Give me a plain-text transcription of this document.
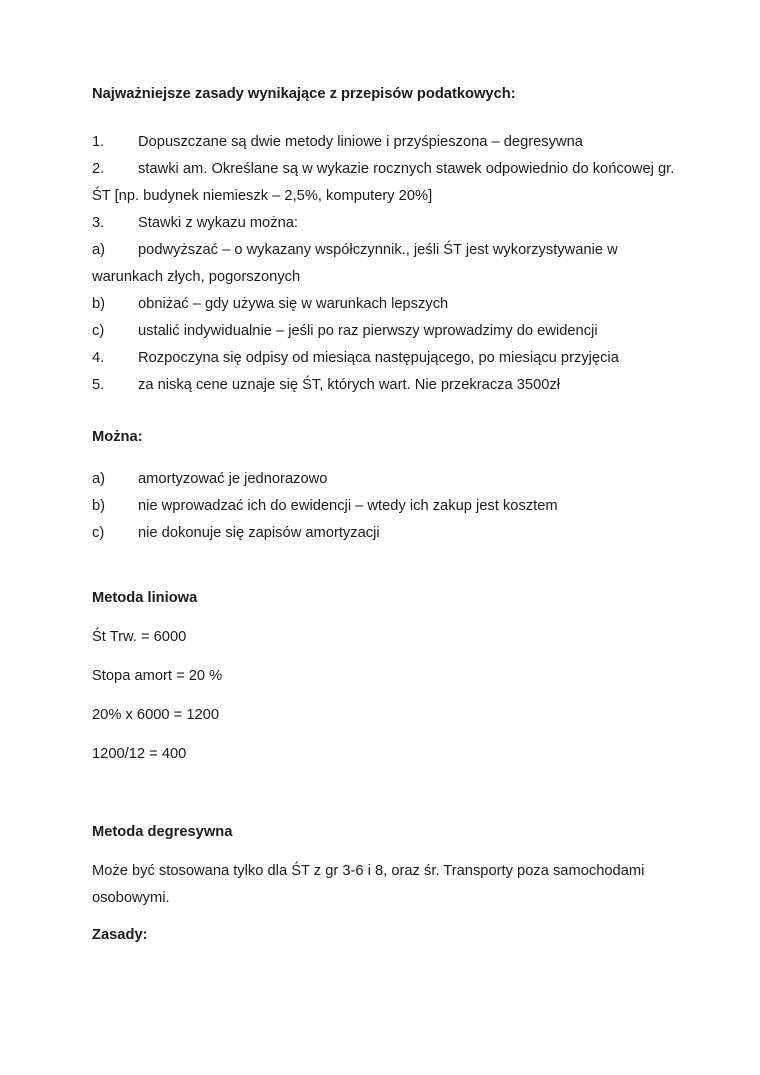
Najważniejsze zasady wynikające z przepisów podatkowych:
1. Dopuszczane są dwie metody liniowe i przyśpieszona – degresywna
2. stawki am. Określane są w wykazie rocznych stawek odpowiednio do końcowej gr. ŚT [np. budynek niemieszk – 2,5%, komputery 20%]
3. Stawki z wykazu można:
a) podwyższać – o wykazany współczynnik., jeśli ŚT jest wykorzystywanie w warunkach złych, pogorszonych
b) obniżać – gdy używa się w warunkach lepszych
c) ustalić indywidualnie – jeśli po raz pierwszy wprowadzimy do ewidencji
4. Rozpoczyna się odpisy od miesiąca następującego, po miesiącu przyjęcia
5. za niską cene uznaje się ŚT, których wart. Nie przekracza 3500zł
Można:
a) amortyzować je jednorazowo
b) nie wprowadzać ich do ewidencji – wtedy ich zakup jest kosztem
c) nie dokonuje się zapisów amortyzacji
Metoda liniowa
Śt Trw. = 6000
Stopa amort = 20 %
20% x 6000 = 1200
1200/12 = 400
Metoda degresywna
Może być stosowana tylko dla ŚT z gr 3-6 i 8, oraz śr. Transporty poza samochodami osobowymi.
Zasady:
